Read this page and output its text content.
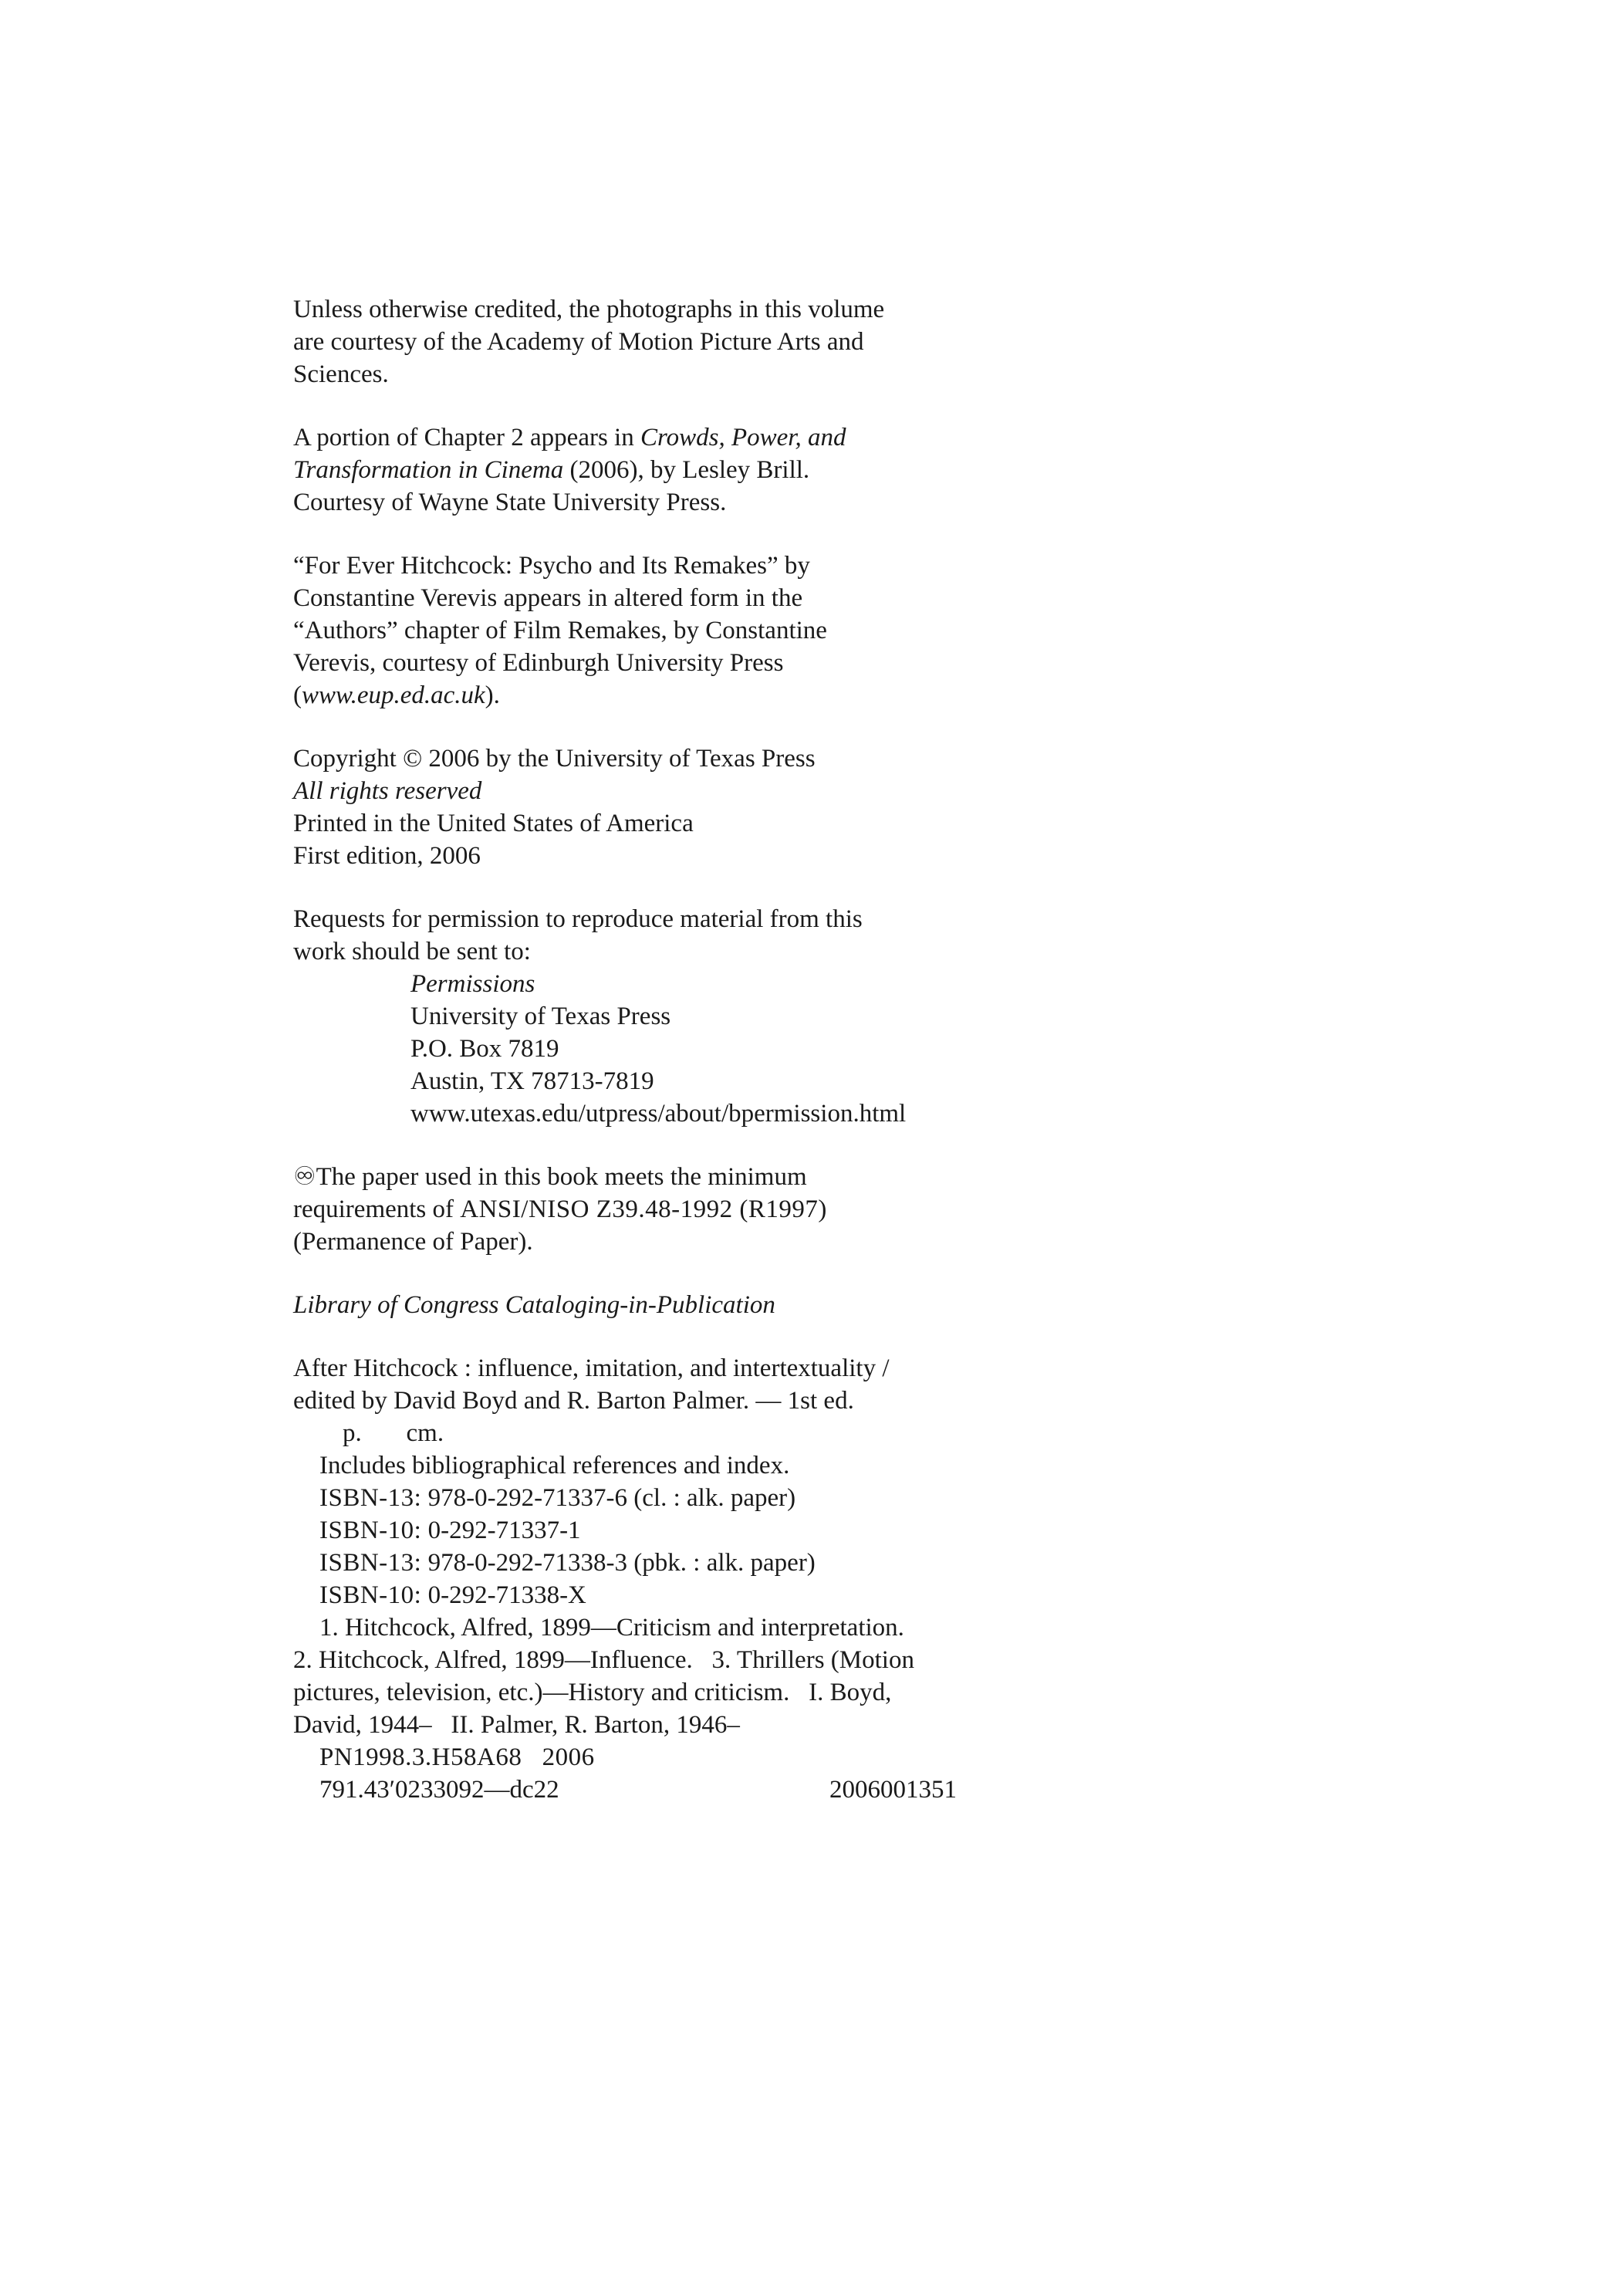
Unless otherwise credited, the photographs in this volume
are courtesy of the Academy of Motion Picture Arts and
Sciences.
A portion of Chapter 2 appears in Crowds, Power, and
Transformation in Cinema (2006), by Lesley Brill.
Courtesy of Wayne State University Press.
“For Ever Hitchcock: Psycho and Its Remakes” by
Constantine Verevis appears in altered form in the
“Authors” chapter of Film Remakes, by Constantine
Verevis, courtesy of Edinburgh University Press
(www.eup.ed.ac.uk).
Copyright © 2006 by the University of Texas Press
All rights reserved
Printed in the United States of America
First edition, 2006
Requests for permission to reproduce material from this
work should be sent to:
Permissions
University of Texas Press
P.O. Box 7819
Austin, TX 78713-7819
www.utexas.edu/utpress/about/bpermission.html
♾The paper used in this book meets the minimum
requirements of ANSI/NISO Z39.48-1992 (R1997)
(Permanence of Paper).
Library of Congress Cataloging-in-Publication
After Hitchcock : influence, imitation, and intertextuality /
edited by David Boyd and R. Barton Palmer. — 1st ed.
p.       cm.
Includes bibliographical references and index.
ISBN-13: 978-0-292-71337-6 (cl. : alk. paper)
ISBN-10: 0-292-71337-1
ISBN-13: 978-0-292-71338-3 (pbk. : alk. paper)
ISBN-10: 0-292-71338-X
1. Hitchcock, Alfred, 1899—Criticism and interpretation.
2. Hitchcock, Alfred, 1899—Influence.   3. Thrillers (Motion
pictures, television, etc.)—History and criticism.   I. Boyd,
David, 1944–   II. Palmer, R. Barton, 1946–
PN1998.3.H58A68   2006
791.43′0233092—dc22	2006001351
